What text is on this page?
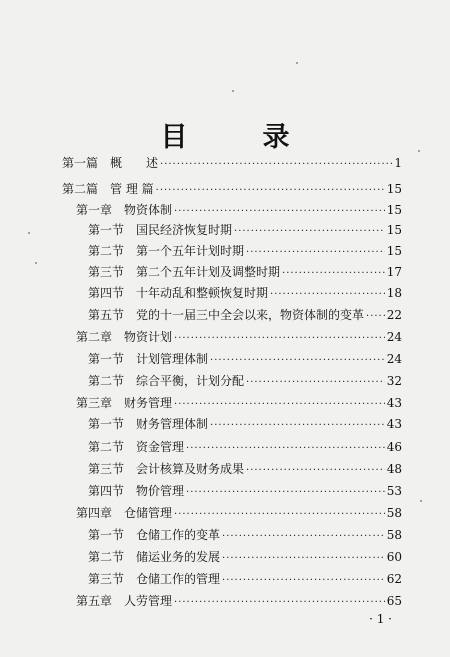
目　录
第一篇　概　　述 ·····	1
第二篇　管 理 篇 ·····	15
第一章　物资体制 ·····	15
第一节　国民经济恢复时期 ·····	15
第二节　第一个五年计划时期 ·····	15
第三节　第二个五年计划及调整时期 ·····	17
第四节　十年动乱和整顿恢复时期 ·····	18
第五节　党的十一届三中全会以来，物资体制的变革 ····· 22
第二章　物资计划 ·····	24
第一节　计划管理体制 ·····	24
第二节　综合平衡，计划分配 ·····	32
第三章　财务管理 ·····	43
第一节　财务管理体制 ·····	43
第二节　资金管理 ·····	46
第三节　会计核算及财务成果 ·····	48
第四节　物价管理 ·····	53
第四章　仓储管理 ·····	58
第一节　仓储工作的变革 ·····	58
第二节　储运业务的发展 ·····	60
第三节　仓储工作的管理 ·····	62
第五章　人劳管理 ·····	65
· 1 ·
